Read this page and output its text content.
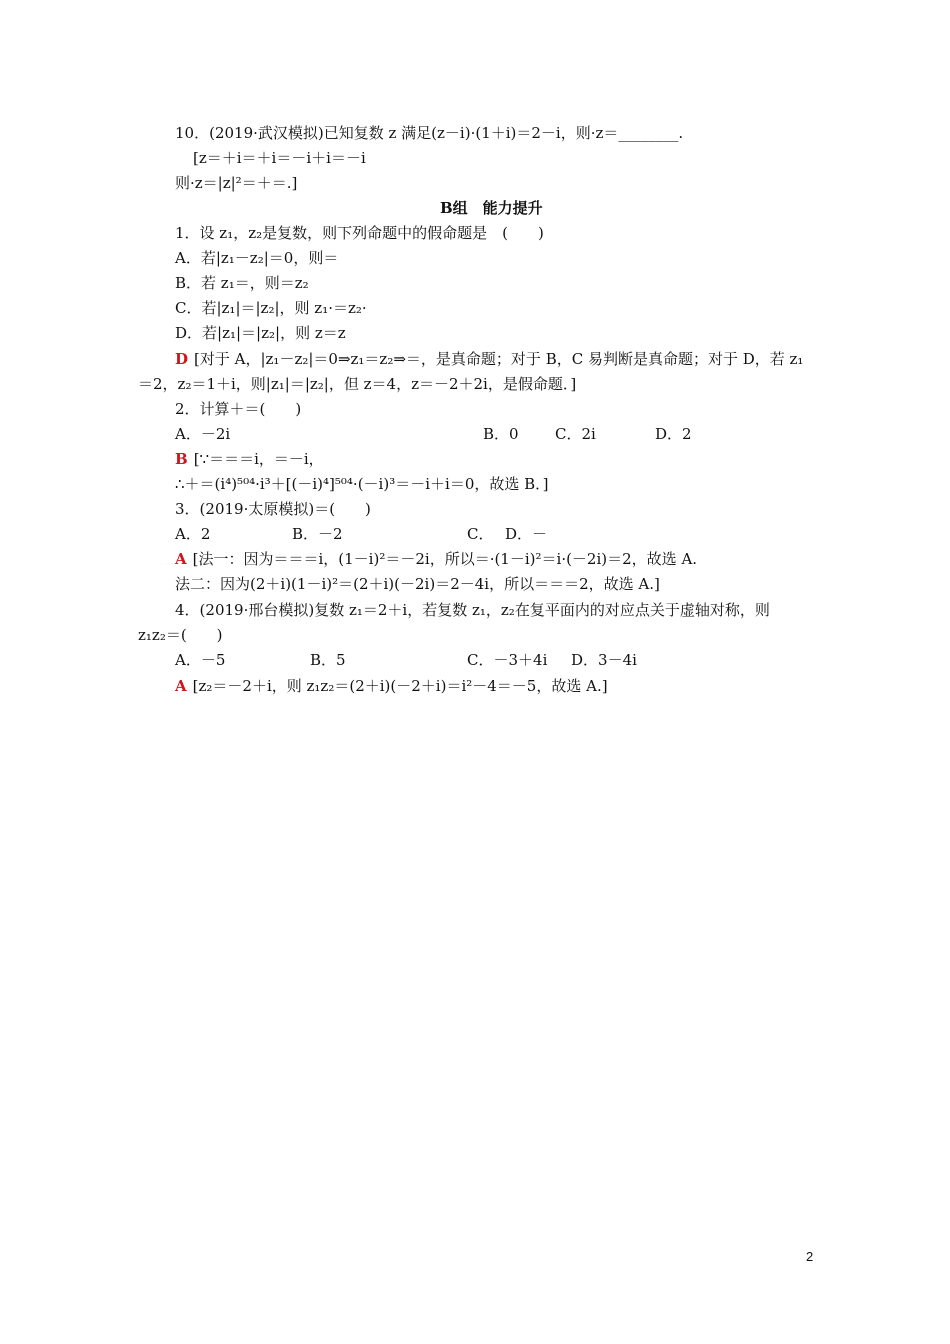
10．(2019·武汉模拟)已知复数 z 满足(z－i)·(1＋i)＝2－i，则·z＝________.
[z＝＋i＝＋i＝－i＋i＝－i
则·z＝|z|²＝＋＝.]
B组　能力提升
1．设 z₁，z₂是复数，则下列命题中的假命题是　(　　)
A．若|z₁－z₂|＝0，则＝
B．若 z₁＝，则＝z₂
C．若|z₁|＝|z₂|，则 z₁·＝z₂·
D．若|z₁|＝|z₂|，则 z＝z
D [对于 A，|z₁－z₂|＝0⇒z₁＝z₂⇒＝，是真命题；对于 B，C 易判断是真命题；对于 D，若 z₁
＝2，z₂＝1＋i，则|z₁|＝|z₂|，但 z＝4，z＝－2＋2i，是假命题．]
2．计算＋＝(　　)
A．－2i	B．0 C．2i	D．2
B [∵＝＝＝i，＝－i，
∴＋＝(i⁴)⁵⁰⁴·i³＋[(－i)⁴]⁵⁰⁴·(－i)³＝－i＋i＝0，故选 B．]
3．(2019·太原模拟)＝(　　)
A．2	B．－2	C． D．－
A [法一：因为＝＝＝i，(1－i)²＝－2i，所以＝·(1－i)²＝i·(－2i)＝2，故选 A.
法二：因为(2＋i)(1－i)²＝(2＋i)(－2i)＝2－4i，所以＝＝＝2，故选 A.]
4．(2019·邢台模拟)复数 z₁＝2＋i，若复数 z₁，z₂在复平面内的对应点关于虚轴对称，则
z₁z₂＝(　　)
A．－5	B．5	C．－3＋4i D．3－4i
A [z₂＝－2＋i，则 z₁z₂＝(2＋i)(－2＋i)＝i²－4＝－5，故选 A.]
2
